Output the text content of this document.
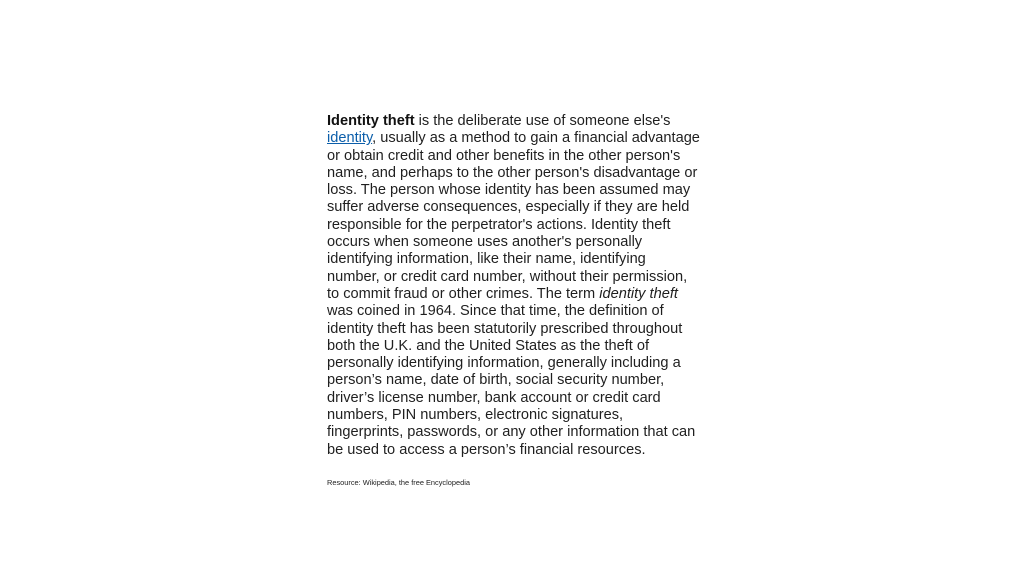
Identity theft is the deliberate use of someone else's
identity, usually as a method to gain a financial advantage
or obtain credit and other benefits in the other person's
name, and perhaps to the other person's disadvantage or
loss. The person whose identity has been assumed may
suffer adverse consequences, especially if they are held
responsible for the perpetrator's actions. Identity theft
occurs when someone uses another's personally
identifying information, like their name, identifying
number, or credit card number, without their permission,
to commit fraud or other crimes. The term identity theft
was coined in 1964. Since that time, the definition of
identity theft has been statutorily prescribed throughout
both the U.K. and the United States as the theft of
personally identifying information, generally including a
person’s name, date of birth, social security number,
driver’s license number, bank account or credit card
numbers, PIN numbers, electronic signatures,
fingerprints, passwords, or any other information that can
be used to access a person’s financial resources.
Resource: Wikipedia, the free Encyclopedia
